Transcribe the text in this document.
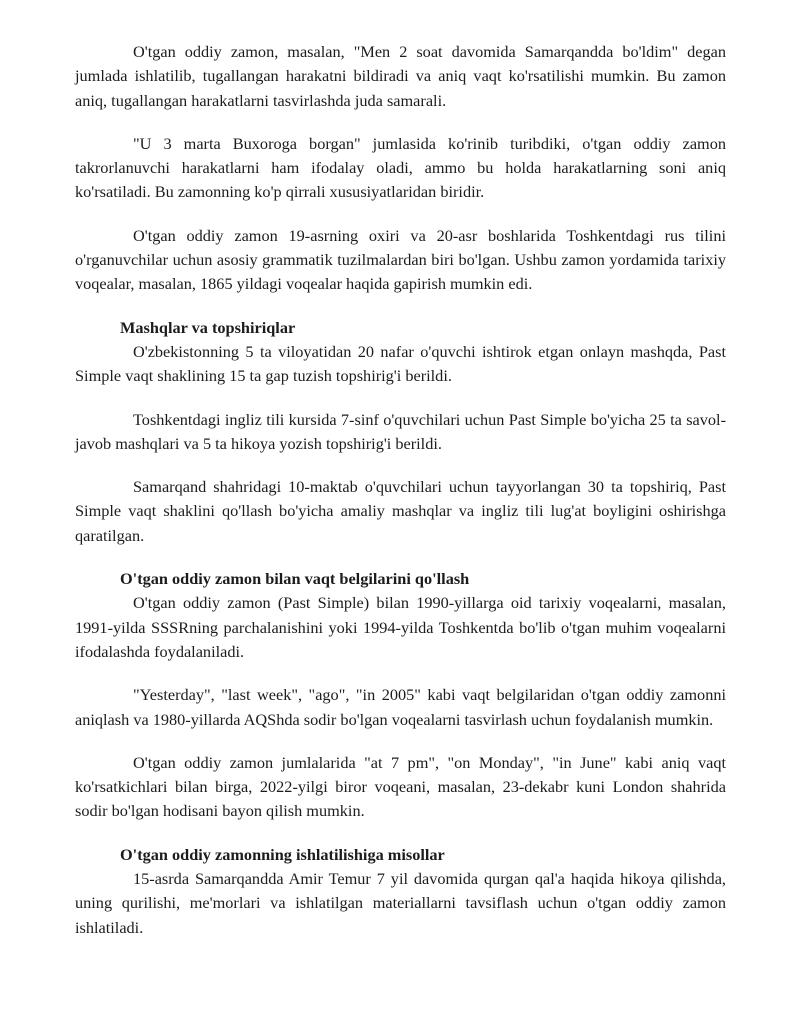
O'tgan oddiy zamon, masalan, "Men 2 soat davomida Samarqandda bo'ldim" degan jumlada ishlatilib, tugallangan harakatni bildiradi va aniq vaqt ko'rsatilishi mumkin. Bu zamon aniq, tugallangan harakatlarni tasvirlashda juda samarali.

"U 3 marta Buxoroga borgan" jumlasida ko'rinib turibdiki, o'tgan oddiy zamon takrorlanuvchi harakatlarni ham ifodalay oladi, ammo bu holda harakatlarning soni aniq ko'rsatiladi. Bu zamonning ko'p qirrali xususiyatlaridan biridir.

O'tgan oddiy zamon 19-asrning oxiri va 20-asr boshlarida Toshkentdagi rus tilini o'rganuvchilar uchun asosiy grammatik tuzilmalardan biri bo'lgan. Ushbu zamon yordamida tarixiy voqealar, masalan, 1865 yildagi voqealar haqida gapirish mumkin edi.

Mashqlar va topshiriqlar

O'zbekistonning 5 ta viloyatidan 20 nafar o'quvchi ishtirok etgan onlayn mashqda, Past Simple vaqt shaklining 15 ta gap tuzish topshirig'i berildi.

Toshkentdagi ingliz tili kursida 7-sinf o'quvchilari uchun Past Simple bo'yicha 25 ta savol-javob mashqlari va 5 ta hikoya yozish topshirig'i berildi.

Samarqand shahridagi 10-maktab o'quvchilari uchun tayyorlangan 30 ta topshiriq, Past Simple vaqt shaklini qo'llash bo'yicha amaliy mashqlar va ingliz tili lug'at boyligini oshirishga qaratilgan.

O'tgan oddiy zamon bilan vaqt belgilarini qo'llash

O'tgan oddiy zamon (Past Simple) bilan 1990-yillarga oid tarixiy voqealarni, masalan, 1991-yilda SSSRning parchalanishini yoki 1994-yilda Toshkentda bo'lib o'tgan muhim voqealarni ifodalashda foydalaniladi.

"Yesterday", "last week", "ago", "in 2005" kabi vaqt belgilaridan o'tgan oddiy zamonni aniqlash va 1980-yillarda AQShda sodir bo'lgan voqealarni tasvirlash uchun foydalanish mumkin.

O'tgan oddiy zamon jumlalarida "at 7 pm", "on Monday", "in June" kabi aniq vaqt ko'rsatkichlari bilan birga, 2022-yilgi biror voqeani, masalan, 23-dekabr kuni London shahrida sodir bo'lgan hodisani bayon qilish mumkin.

O'tgan oddiy zamonning ishlatilishiga misollar

15-asrda Samarqandda Amir Temur 7 yil davomida qurgan qal'a haqida hikoya qilishda, uning qurilishi, me'morlari va ishlatilgan materiallarni tavsiflash uchun o'tgan oddiy zamon ishlatiladi.
